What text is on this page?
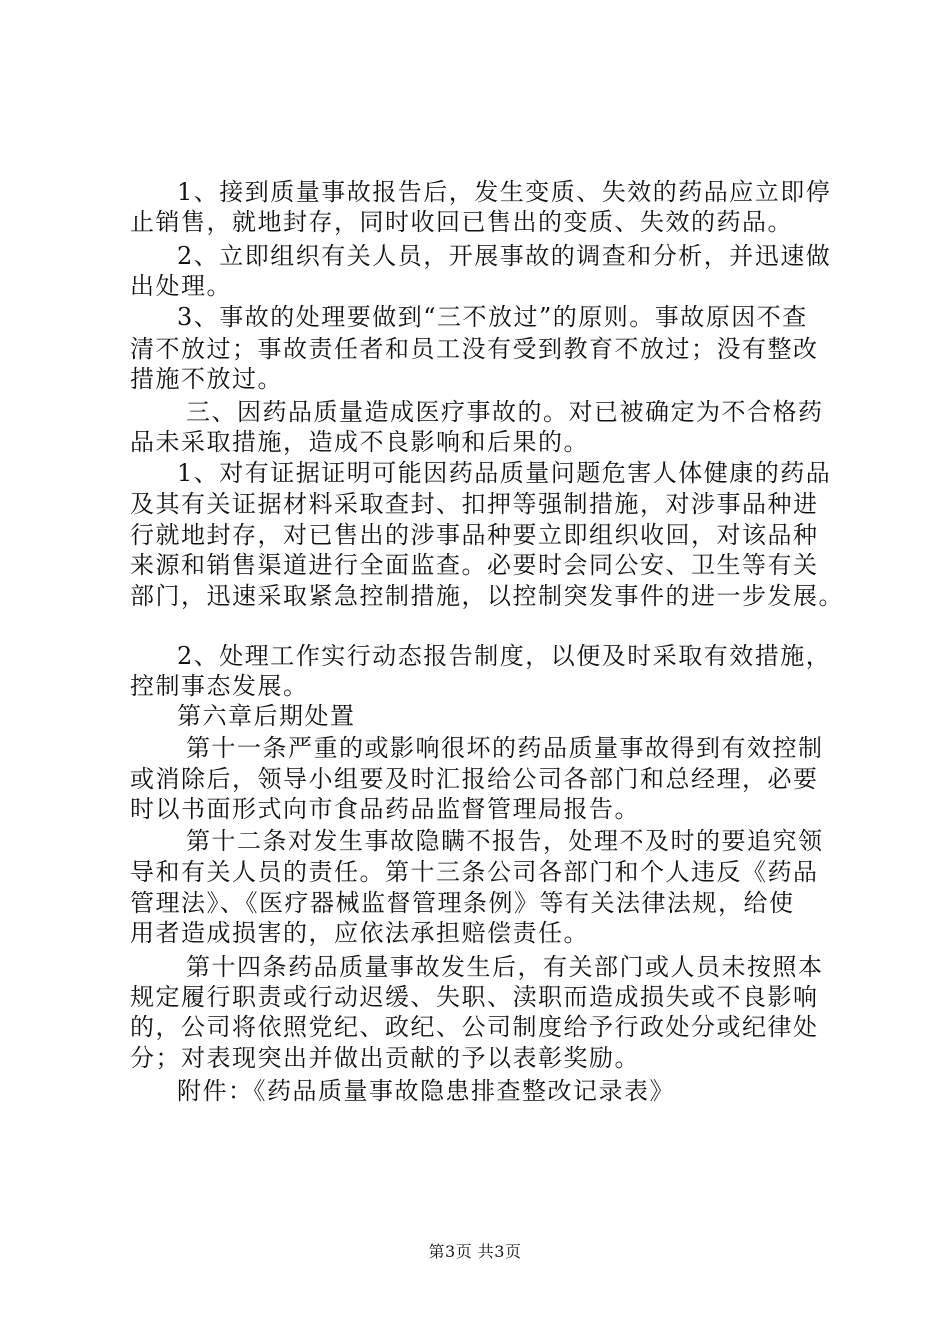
1、接到质量事故报告后，发生变质、失效的药品应立即停
止销售，就地封存，同时收回已售出的变质、失效的药品。
2、立即组织有关人员，开展事故的调查和分析，并迅速做
出处理。
3、事故的处理要做到“三不放过”的原则。事故原因不查
清不放过；事故责任者和员工没有受到教育不放过；没有整改
措施不放过。
三、因药品质量造成医疗事故的。对已被确定为不合格药
品未采取措施，造成不良影响和后果的。
1、对有证据证明可能因药品质量问题危害人体健康的药品
及其有关证据材料采取查封、扣押等强制措施，对涉事品种进
行就地封存，对已售出的涉事品种要立即组织收回，对该品种
来源和销售渠道进行全面监查。必要时会同公安、卫生等有关
部门，迅速采取紧急控制措施，以控制突发事件的进一步发展。
2、处理工作实行动态报告制度，以便及时采取有效措施，
控制事态发展。
第六章后期处置
第十一条严重的或影响很坏的药品质量事故得到有效控制
或消除后，领导小组要及时汇报给公司各部门和总经理，必要
时以书面形式向市食品药品监督管理局报告。
第十二条对发生事故隐瞒不报告，处理不及时的要追究领
导和有关人员的责任。第十三条公司各部门和个人违反《药品
管理法》、《医疗器械监督管理条例》等有关法律法规，给使
用者造成损害的，应依法承担赔偿责任。
第十四条药品质量事故发生后，有关部门或人员未按照本
规定履行职责或行动迟缓、失职、渎职而造成损失或不良影响
的，公司将依照党纪、政纪、公司制度给予行政处分或纪律处
分；对表现突出并做出贡献的予以表彰奖励。
附件：《药品质量事故隐患排查整改记录表》
第3页 共3页
